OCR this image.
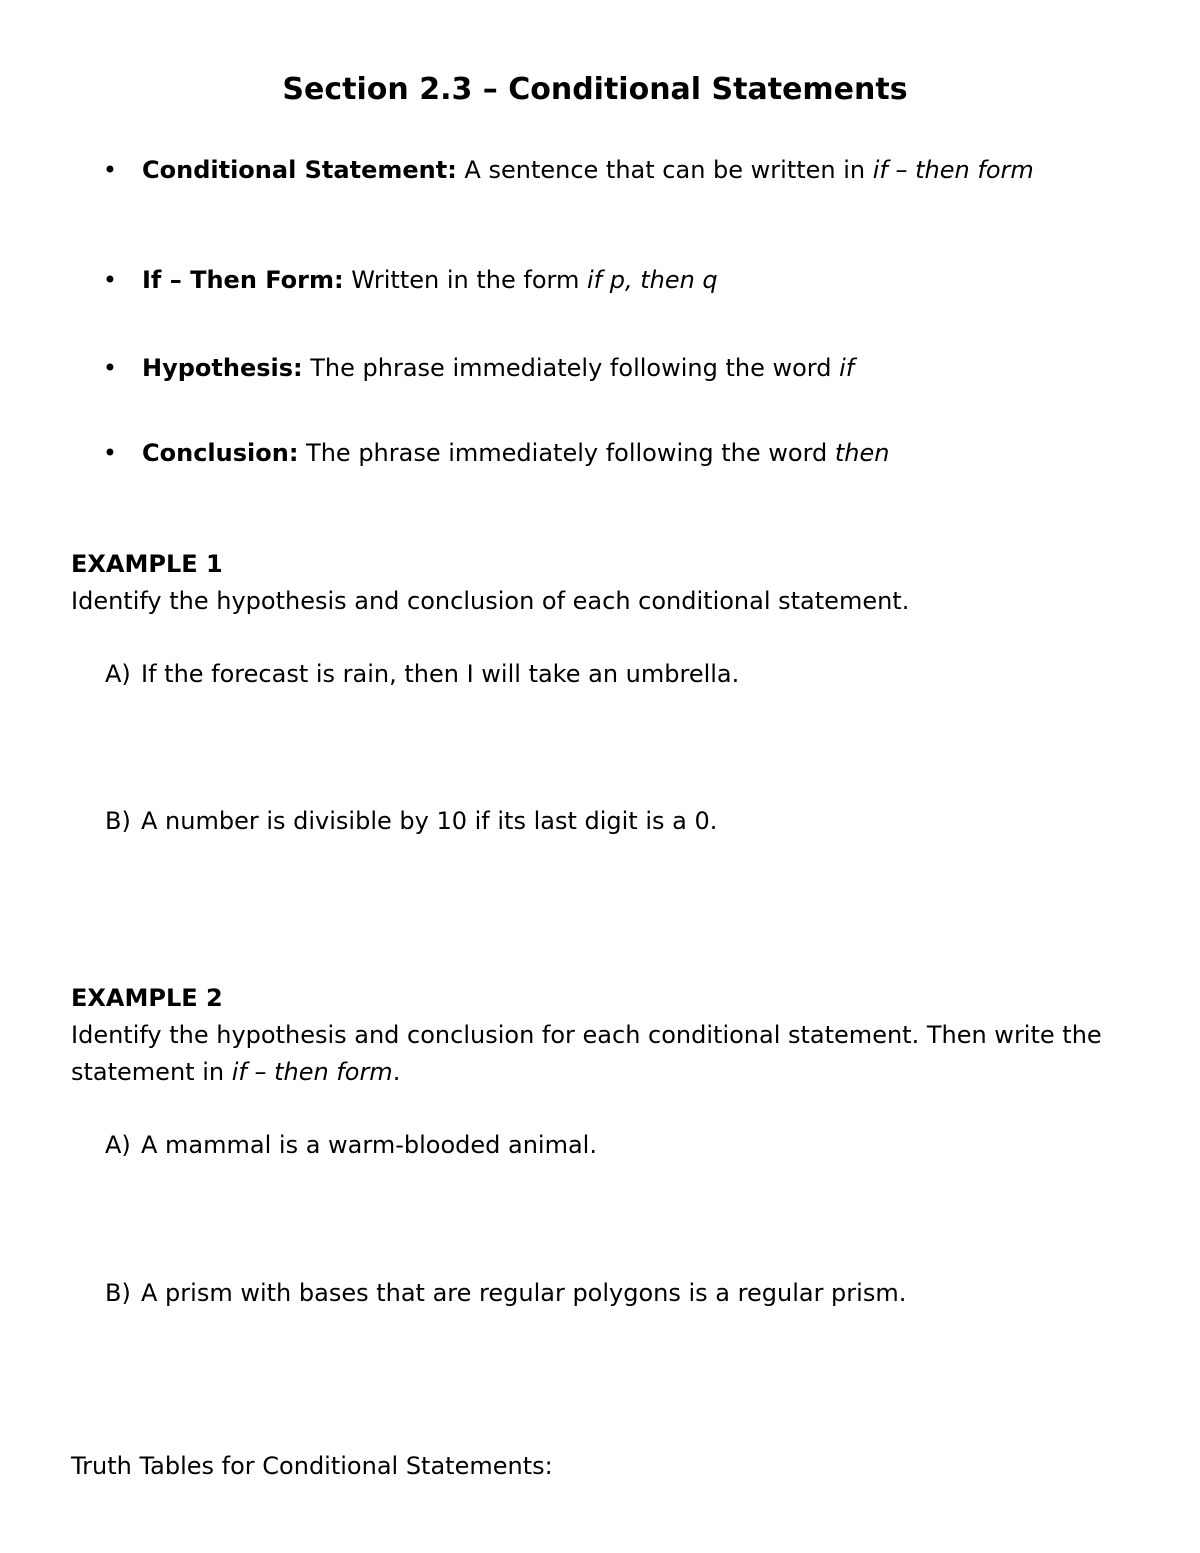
Section 2.3 – Conditional Statements
• Conditional Statement: A sentence that can be written in if – then form
• If – Then Form: Written in the form if p, then q
• Hypothesis: The phrase immediately following the word if
• Conclusion: The phrase immediately following the word then
EXAMPLE 1

Identify the hypothesis and conclusion of each conditional statement.

A) If the forecast is rain, then I will take an umbrella.
B) A number is divisible by 10 if its last digit is a 0.
EXAMPLE 2

Identify the hypothesis and conclusion for each conditional statement. Then write the statement in if – then form.

A) A mammal is a warm-blooded animal.
B) A prism with bases that are regular polygons is a regular prism.
Truth Tables for Conditional Statements:
